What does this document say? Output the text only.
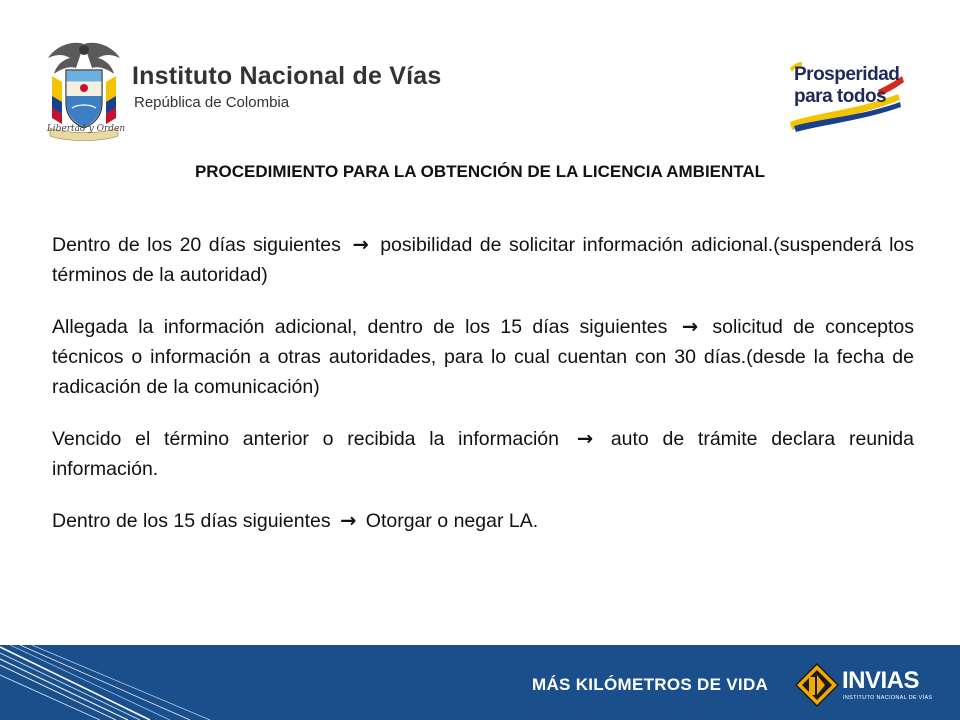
Libertad y Orden
Instituto Nacional de Vías
República de Colombia
Prosperidad
para todos
PROCEDIMIENTO PARA LA OBTENCIÓN DE LA LICENCIA AMBIENTAL

Dentro de los 20 días siguientes → posibilidad de solicitar información adicional.(suspenderá los términos de la autoridad)

Allegada la información adicional, dentro de los 15 días siguientes → solicitud de conceptos técnicos o información a otras autoridades, para lo cual cuentan con 30 días.(desde la fecha de radicación de la comunicación)

Vencido el término anterior o recibida la información → auto de trámite declara reunida información.

Dentro de los 15 días siguientes → Otorgar o negar LA.

MÁS KILÓMETROS DE VIDA	INVIAS
INSTITUTO NACIONAL DE VÍAS
